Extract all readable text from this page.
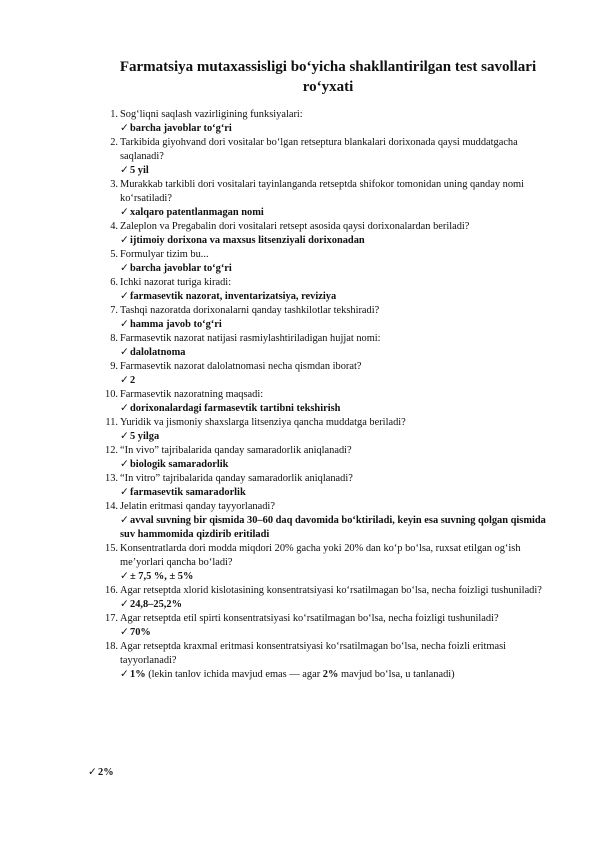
Farmatsiya mutaxassisligi bo‘yicha shakllantirilgan test savollari ro‘yxati
1. Sog‘liqni saqlash vazirligining funksiyalari:
✓barcha javoblar to‘g‘ri
2. Tarkibida giyohvand dori vositalar bo‘lgan retseptura blankalari dorixonada qaysi muddatgacha saqlanadi?
✓5 yil
3. Murakkab tarkibli dori vositalari tayinlanganda retseptda shifokor tomonidan uning qanday nomi ko‘rsatiladi?
✓xalqaro patentlanmagan nomi
4. Zaleplon va Pregabalin dori vositalari retsept asosida qaysi dorixonalardan beriladi?
✓ijtimoiy dorixona va maxsus litsenziyali dorixonadan
5. Formulyar tizim bu...
✓barcha javoblar to‘g‘ri
6. Ichki nazorat turiga kiradi:
✓farmasevtik nazorat, inventarizatsiya, reviziya
7. Tashqi nazoratda dorixonalarni qanday tashkilotlar tekshiradi?
✓hamma javob to‘g‘ri
8. Farmasevtik nazorat natijasi rasmiylashtiriladigan hujjat nomi:
✓dalolatnoma
9. Farmasevtik nazorat dalolatnomasi necha qismdan iborat?
✓2
10. Farmasevtik nazoratning maqsadi:
✓dorixonalardagi farmasevtik tartibni tekshirish
11. Yuridik va jismoniy shaxslarga litsenziya qancha muddatga beriladi?
✓5 yilga
12. “In vivo” tajribalarida qanday samaradorlik aniqlanadi?
✓biologik samaradorlik
13. “In vitro” tajribalarida qanday samaradorlik aniqlanadi?
✓farmasevtik samaradorlik
14. Jelatin eritmasi qanday tayyorlanadi?
✓avval suvning bir qismida 30–60 daq davomida bo‘ktiriladi, keyin esa suvning qolgan qismida suv hammomida qizdirib eritiladi
15. Konsentratlarda dori modda miqdori 20% gacha yoki 20% dan ko‘p bo‘lsa, ruxsat etilgan og‘ish me’yorlari qancha bo‘ladi?
✓± 7,5 %, ± 5%
16. Agar retseptda xlorid kislotasining konsentratsiyasi ko‘rsatilmagan bo‘lsa, necha foizligi tushuniladi?
✓24,8–25,2%
17. Agar retseptda etil spirti konsentratsiyasi ko‘rsatilmagan bo‘lsa, necha foizligi tushuniladi?
✓70%
18. Agar retseptda kraxmal eritmasi konsentratsiyasi ko‘rsatilmagan bo‘lsa, necha foizli eritmasi tayyorlanadi?
✓1% (lekin tanlov ichida mavjud emas — agar 2% mavjud bo‘lsa, u tanlanadi)
✓2%
